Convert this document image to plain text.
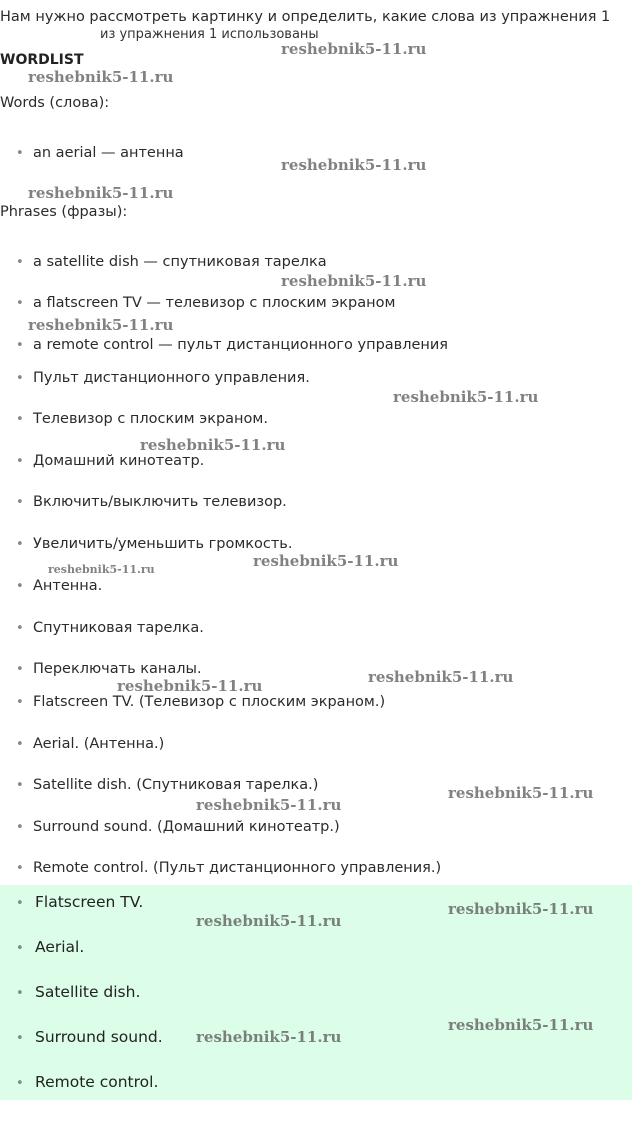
Нам нужно рассмотреть картинку и определить, какие слова из упражнения 1
из упражнения 1 использованы
WORDLIST
Words (слова):
• an aerial — антенна
Phrases (фразы):
• a satellite dish — спутниковая тарелка
• a flatscreen TV — телевизор с плоским экраном
• a remote control — пульт дистанционного управления
• Пульт дистанционного управления.
• Телевизор с плоским экраном.
• Домашний кинотеатр.
• Включить/выключить телевизор.
• Увеличить/уменьшить громкость.
• Антенна.
• Спутниковая тарелка.
• Переключать каналы.
• Flatscreen TV. (Телевизор с плоским экраном.)
• Aerial. (Антенна.)
• Satellite dish. (Спутниковая тарелка.)
• Surround sound. (Домашний кинотеатр.)
• Remote control. (Пульт дистанционного управления.)
• Flatscreen TV.
• Aerial.
• Satellite dish.
• Surround sound.
• Remote control.
reshebnik5-11.ru
reshebnik5-11.ru
reshebnik5-11.ru
reshebnik5-11.ru
reshebnik5-11.ru
reshebnik5-11.ru
reshebnik5-11.ru
reshebnik5-11.ru
reshebnik5-11.ru	reshebnik5-11.ru
reshebnik5-11.ru
reshebnik5-11.ru
reshebnik5-11.ru
reshebnik5-11.ru
reshebnik5-11.ru
reshebnik5-11.ru
reshebnik5-11.ru
reshebnik5-11.ru
